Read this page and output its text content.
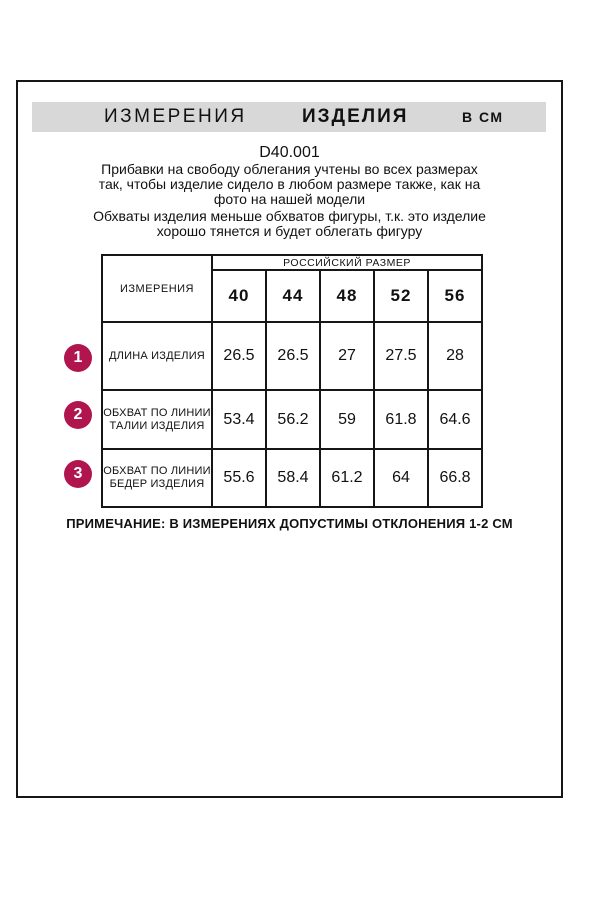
ИЗМЕРЕНИЯ	ИЗДЕЛИЯ	В СМ
D40.001
Прибавки на свободу облегания учтены во всех размерах
так, чтобы изделие сидело в любом размере также, как на
фото на нашей модели
Обхваты изделия меньше обхватов фигуры, т.к. это изделие
хорошо тянется и будет облегать фигуру
ИЗМЕРЕНИЯ	РОССИЙСКИЙ РАЗМЕР				
	40	44	48	52	56
ДЛИНА ИЗДЕЛИЯ	26.5	26.5	27	27.5	28
ОБХВАТ ПО ЛИНИИ ТАЛИИ ИЗДЕЛИЯ	53.4	56.2	59	61.8	64.6
ОБХВАТ ПО ЛИНИИ БЕДЕР ИЗДЕЛИЯ	55.6	58.4	61.2	64	66.8
1
2
3
ПРИМЕЧАНИЕ: В ИЗМЕРЕНИЯХ ДОПУСТИМЫ ОТКЛОНЕНИЯ 1-2 СМ
